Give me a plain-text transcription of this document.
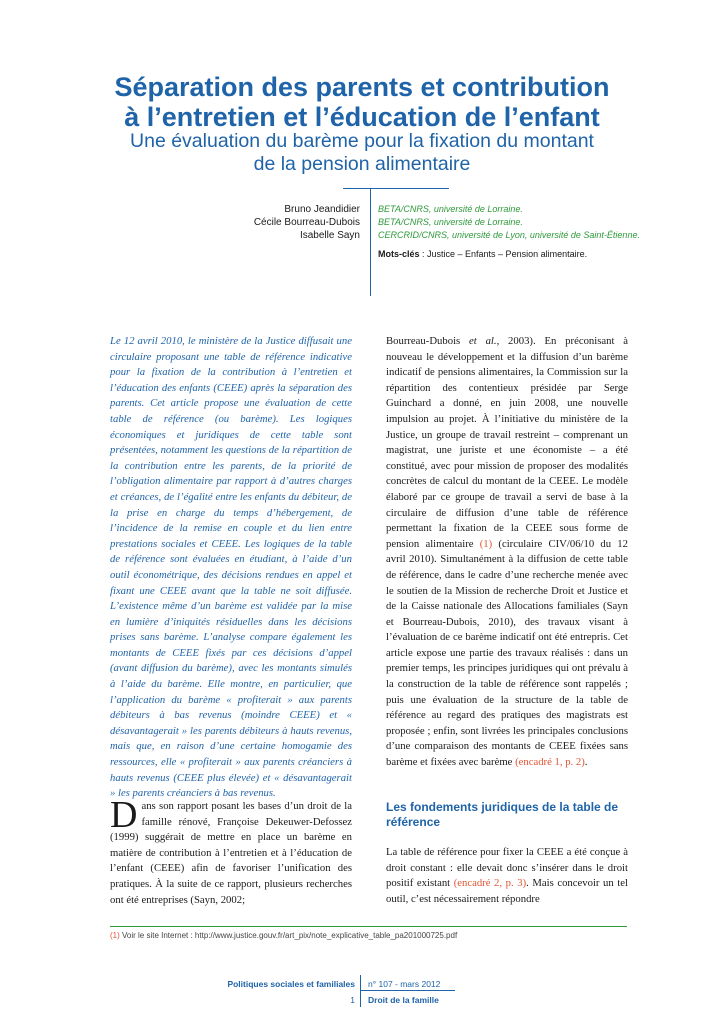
Séparation des parents et contribution
à l’entretien et l’éducation de l’enfant
Une évaluation du barème pour la fixation du montant
de la pension alimentaire
Bruno Jeandidier
Cécile Bourreau-Dubois
Isabelle Sayn
BETA/CNRS, université de Lorraine.
BETA/CNRS, université de Lorraine.
CERCRID/CNRS, université de Lyon, université de Saint-Étienne.
Mots-clés : Justice – Enfants – Pension alimentaire.
Le 12 avril 2010, le ministère de la Justice diffusait une circulaire proposant une table de référence indicative pour la fixation de la contribution à l’entretien et l’éducation des enfants (CEEE) après la séparation des parents. Cet article propose une évaluation de cette table de référence (ou barème). Les logiques économiques et juridiques de cette table sont présentées, notamment les questions de la répartition de la contribution entre les parents, de la priorité de l’obligation alimentaire par rapport à d’autres charges et créances, de l’égalité entre les enfants du débiteur, de la prise en charge du temps d’hébergement, de l’incidence de la remise en couple et du lien entre prestations sociales et CEEE. Les logiques de la table de référence sont évaluées en étudiant, à l’aide d’un outil économétrique, des décisions rendues en appel et fixant une CEEE avant que la table ne soit diffusée. L’existence même d’un barème est validée par la mise en lumière d’iniquités résiduelles dans les décisions prises sans barème. L’analyse compare également les montants de CEEE fixés par ces décisions d’appel (avant diffusion du barème), avec les montants simulés à l’aide du barème. Elle montre, en particulier, que l’application du barème « profiterait » aux parents débiteurs à bas revenus (moindre CEEE) et « désavantagerait » les parents débiteurs à hauts revenus, mais que, en raison d’une certaine homogamie des ressources, elle « profiterait » aux parents créanciers à hauts revenus (CEEE plus élevée) et « désavantagerait » les parents créanciers à bas revenus.
Dans son rapport posant les bases d’un droit de la famille rénové, Françoise Dekeuwer-Defossez (1999) suggérait de mettre en place un barème en matière de contribution à l’entretien et à l’éducation de l’enfant (CEEE) afin de favoriser l’unification des pratiques. À la suite de ce rapport, plusieurs recherches ont été entreprises (Sayn, 2002;
Bourreau-Dubois et al., 2003). En préconisant à nouveau le développement et la diffusion d’un barème indicatif de pensions alimentaires, la Commission sur la répartition des contentieux présidée par Serge Guinchard a donné, en juin 2008, une nouvelle impulsion au projet. À l’initiative du ministère de la Justice, un groupe de travail restreint – comprenant un magistrat, une juriste et une économiste – a été constitué, avec pour mission de proposer des modalités concrètes de calcul du montant de la CEEE. Le modèle élaboré par ce groupe de travail a servi de base à la circulaire de diffusion d’une table de référence permettant la fixation de la CEEE sous forme de pension alimentaire (1) (circulaire CIV/06/10 du 12 avril 2010). Simultanément à la diffusion de cette table de référence, dans le cadre d’une recherche menée avec le soutien de la Mission de recherche Droit et Justice et de la Caisse nationale des Allocations familiales (Sayn et Bourreau-Dubois, 2010), des travaux visant à l’évaluation de ce barème indicatif ont été entrepris. Cet article expose une partie des travaux réalisés : dans un premier temps, les principes juridiques qui ont prévalu à la construction de la table de référence sont rappelés ; puis une évaluation de la structure de la table de référence au regard des pratiques des magistrats est proposée ; enfin, sont livrées les principales conclusions d’une comparaison des montants de CEEE fixées sans barème et fixées avec barème (encadré 1, p. 2).
Les fondements juridiques de la table de référence
La table de référence pour fixer la CEEE a été conçue à droit constant : elle devait donc s’insérer dans le droit positif existant (encadré 2, p. 3). Mais concevoir un tel outil, c’est nécessairement répondre
(1) Voir le site Internet : http://www.justice.gouv.fr/art_pix/note_explicative_table_pa201000725.pdf
Politiques sociales et familiales n° 107 - mars 2012
1 Droit de la famille
